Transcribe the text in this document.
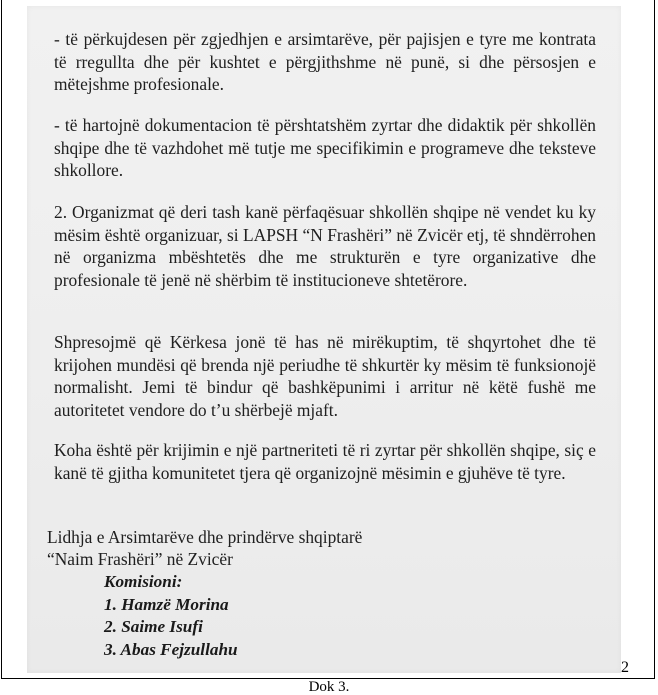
- të përkujdesen për zgjedhjen e arsimtarëve, për pajisjen e tyre me kontrata të rregullta dhe për kushtet e përgjithshme në punë, si dhe përsosjen e mëtejshme profesionale.

- të hartojnë dokumentacion të përshtatshëm zyrtar dhe didaktik për shkollën shqipe dhe të vazhdohet më tutje me specifikimin e programeve dhe teksteve shkollore.

2. Organizmat që deri tash kanë përfaqësuar shkollën shqipe në vendet ku ky mësim është organizuar, si LAPSH “N Frashëri” në Zvicër etj, të shndërrohen në organizma mbështetës dhe me strukturën e tyre organizative dhe profesionale të jenë në shërbim të institucioneve shtetërore.

Shpresojmë që Kërkesa jonë të has në mirëkuptim, të shqyrtohet dhe të krijohen mundësi që brenda një periudhe të shkurtër ky mësim të funksionojë normalisht. Jemi të bindur që bashkëpunimi i arritur në këtë fushë me autoritetet vendore do t’u shërbejë mjaft.

Koha është për krijimin e një partneriteti të ri zyrtar për shkollën shqipe, siç e kanë të gjitha komunitetet tjera që organizojnë mësimin e gjuhëve të tyre.

Lidhja e Arsimtarëve dhe prindërve shqiptarë
“Naim Frashëri” në Zvicër
Komisioni:
1. Hamzë Morina
2. Saime Isufi
3. Abas Fejzullahu
2
Dok 3.
